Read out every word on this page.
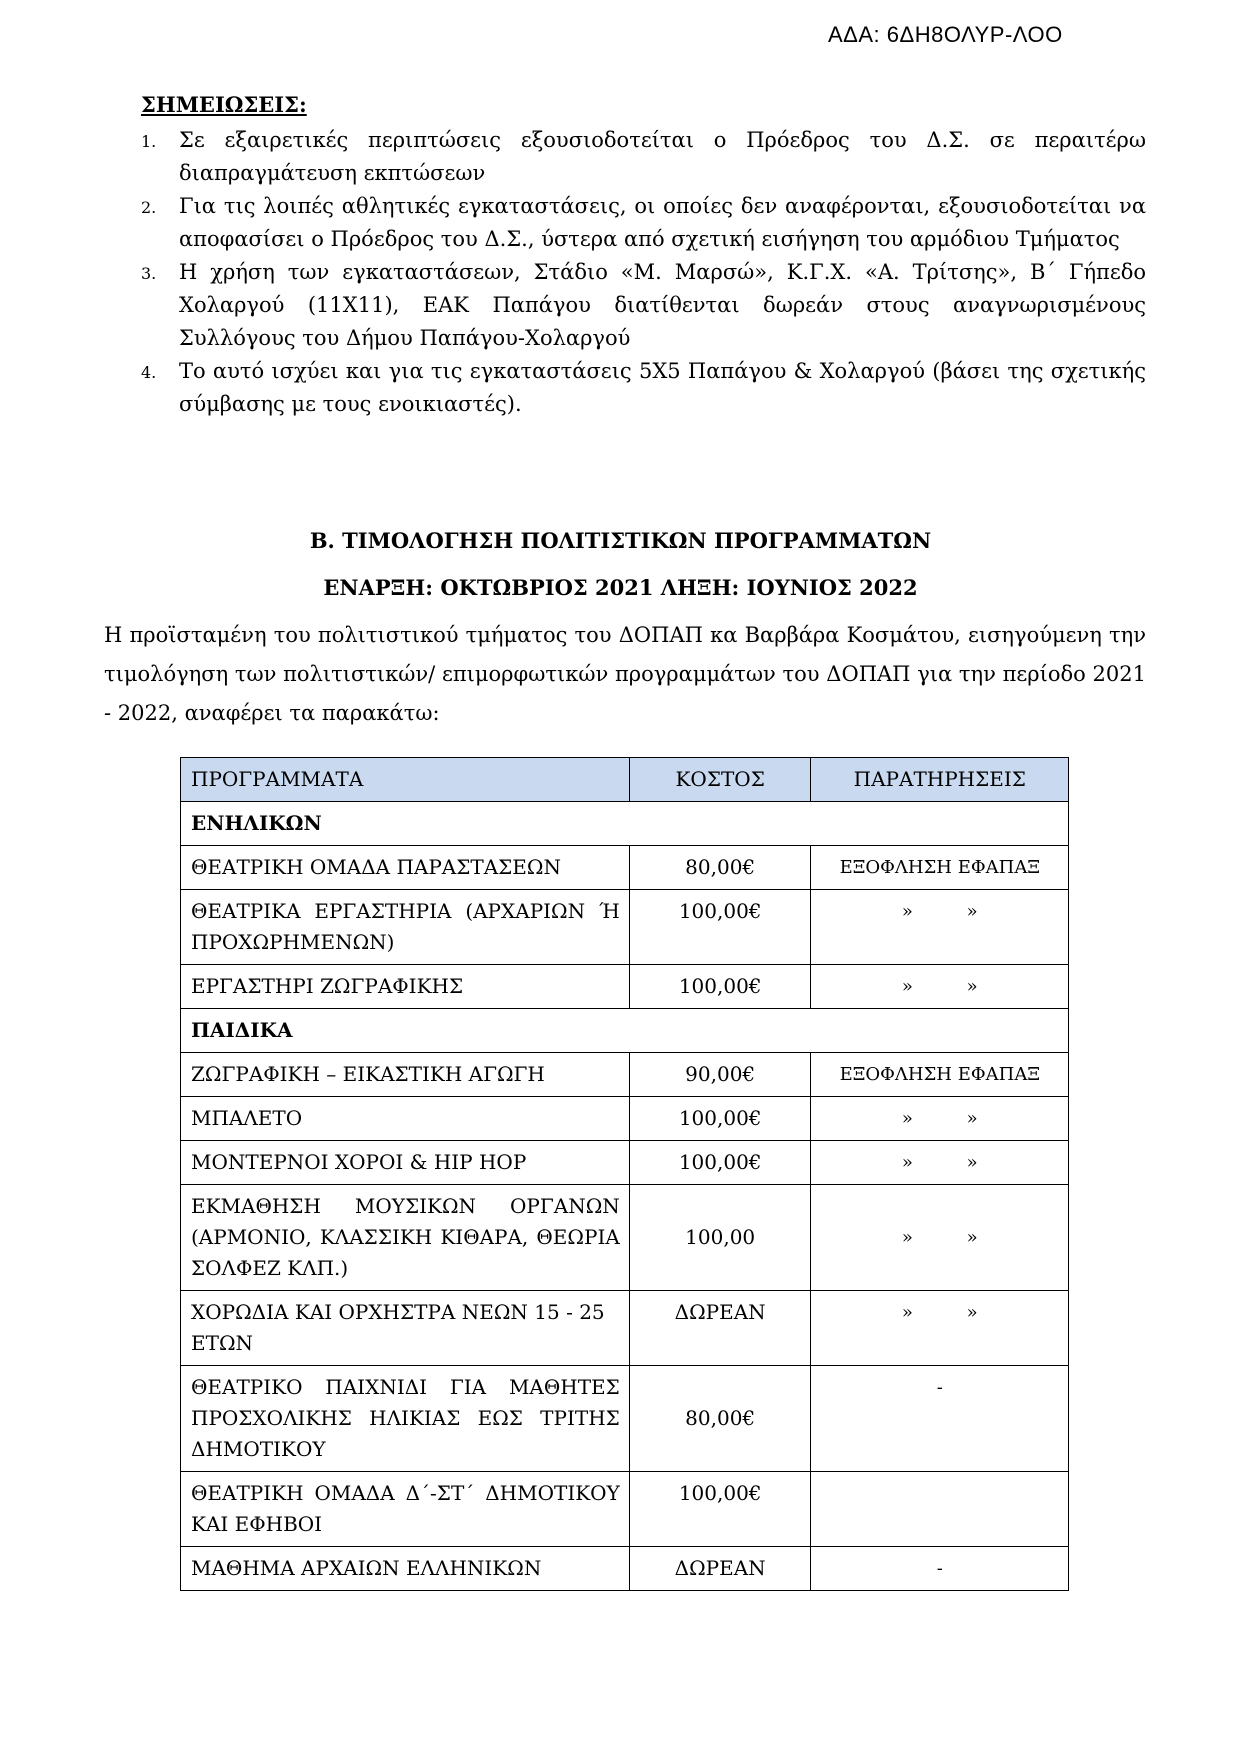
ΑΔΑ: 6ΔΗ8ΟΛΥΡ-ΛΟΟ
ΣΗΜΕΙΩΣΕΙΣ:
1. Σε εξαιρετικές περιπτώσεις εξουσιοδοτείται ο Πρόεδρος του Δ.Σ. σε περαιτέρω διαπραγμάτευση εκπτώσεων
2. Για τις λοιπές αθλητικές εγκαταστάσεις, οι οποίες δεν αναφέρονται, εξουσιοδοτείται να αποφασίσει ο Πρόεδρος του Δ.Σ., ύστερα από σχετική εισήγηση του αρμόδιου Τμήματος
3. Η χρήση των εγκαταστάσεων, Στάδιο «Μ. Μαρσώ», Κ.Γ.Χ. «Α. Τρίτσης», Β΄ Γήπεδο Χολαργού (11Χ11), ΕΑΚ Παπάγου διατίθενται δωρεάν στους αναγνωρισμένους Συλλόγους του Δήμου Παπάγου-Χολαργού
4. Το αυτό ισχύει και για τις εγκαταστάσεις 5Χ5 Παπάγου & Χολαργού (βάσει της σχετικής σύμβασης με τους ενοικιαστές).
Β. ΤΙΜΟΛΟΓΗΣΗ ΠΟΛΙΤΙΣΤΙΚΩΝ ΠΡΟΓΡΑΜΜΑΤΩΝ
ΕΝΑΡΞΗ: ΟΚΤΩΒΡΙΟΣ 2021 ΛΗΞΗ: ΙΟΥΝΙΟΣ 2022

Η προϊσταμένη του πολιτιστικού τμήματος του ΔΟΠΑΠ κα Βαρβάρα Κοσμάτου, εισηγούμενη την τιμολόγηση των πολιτιστικών/ επιμορφωτικών προγραμμάτων του ΔΟΠΑΠ για την περίοδο 2021 - 2022, αναφέρει τα παρακάτω:

ΠΡΟΓΡΑΜΜΑΤΑ	ΚΟΣΤΟΣ	ΠΑΡΑΤΗΡΗΣΕΙΣ
ΕΝΗΛΙΚΩΝ		
ΘΕΑΤΡΙΚΗ ΟΜΑΔΑ ΠΑΡΑΣΤΑΣΕΩΝ	80,00€	ΕΞΟΦΛΗΣΗ ΕΦΑΠΑΞ
ΘΕΑΤΡΙΚΑ ΕΡΓΑΣΤΗΡΙΑ (ΑΡΧΑΡΙΩΝ Ή ΠΡΟΧΩΡΗΜΕΝΩΝ)	100,00€	» »
ΕΡΓΑΣΤΗΡΙ ΖΩΓΡΑΦΙΚΗΣ	100,00€	» »
ΠΑΙΔΙΚΑ		
ΖΩΓΡΑΦΙΚΗ – ΕΙΚΑΣΤΙΚΗ ΑΓΩΓΗ	90,00€	ΕΞΟΦΛΗΣΗ ΕΦΑΠΑΞ
ΜΠΑΛΕΤΟ	100,00€	» »
ΜΟΝΤΕΡΝΟΙ ΧΟΡΟΙ & HIP HOP	100,00€	» »
ΕΚΜΑΘΗΣΗ ΜΟΥΣΙΚΩΝ ΟΡΓΑΝΩΝ (ΑΡΜΟΝΙΟ, ΚΛΑΣΣΙΚΗ ΚΙΘΑΡΑ, ΘΕΩΡΙΑ ΣΟΛΦΕΖ ΚΛΠ.)	100,00	» »
ΧΟΡΩΔΙΑ ΚΑΙ ΟΡΧΗΣΤΡΑ ΝΕΩΝ 15 - 25 ΕΤΩΝ	ΔΩΡΕΑΝ	» »
ΘΕΑΤΡΙΚΟ ΠΑΙΧΝΙΔΙ ΓΙΑ ΜΑΘΗΤΕΣ ΠΡΟΣΧΟΛΙΚΗΣ ΗΛΙΚΙΑΣ ΕΩΣ ΤΡΙΤΗΣ ΔΗΜΟΤΙΚΟΥ	80,00€	-
ΘΕΑΤΡΙΚΗ ΟΜΑΔΑ Δ΄-ΣΤ΄ ΔΗΜΟΤΙΚΟΥ ΚΑΙ ΕΦΗΒΟΙ	100,00€	
ΜΑΘΗΜΑ ΑΡΧΑΙΩΝ ΕΛΛΗΝΙΚΩΝ	ΔΩΡΕΑΝ	-
